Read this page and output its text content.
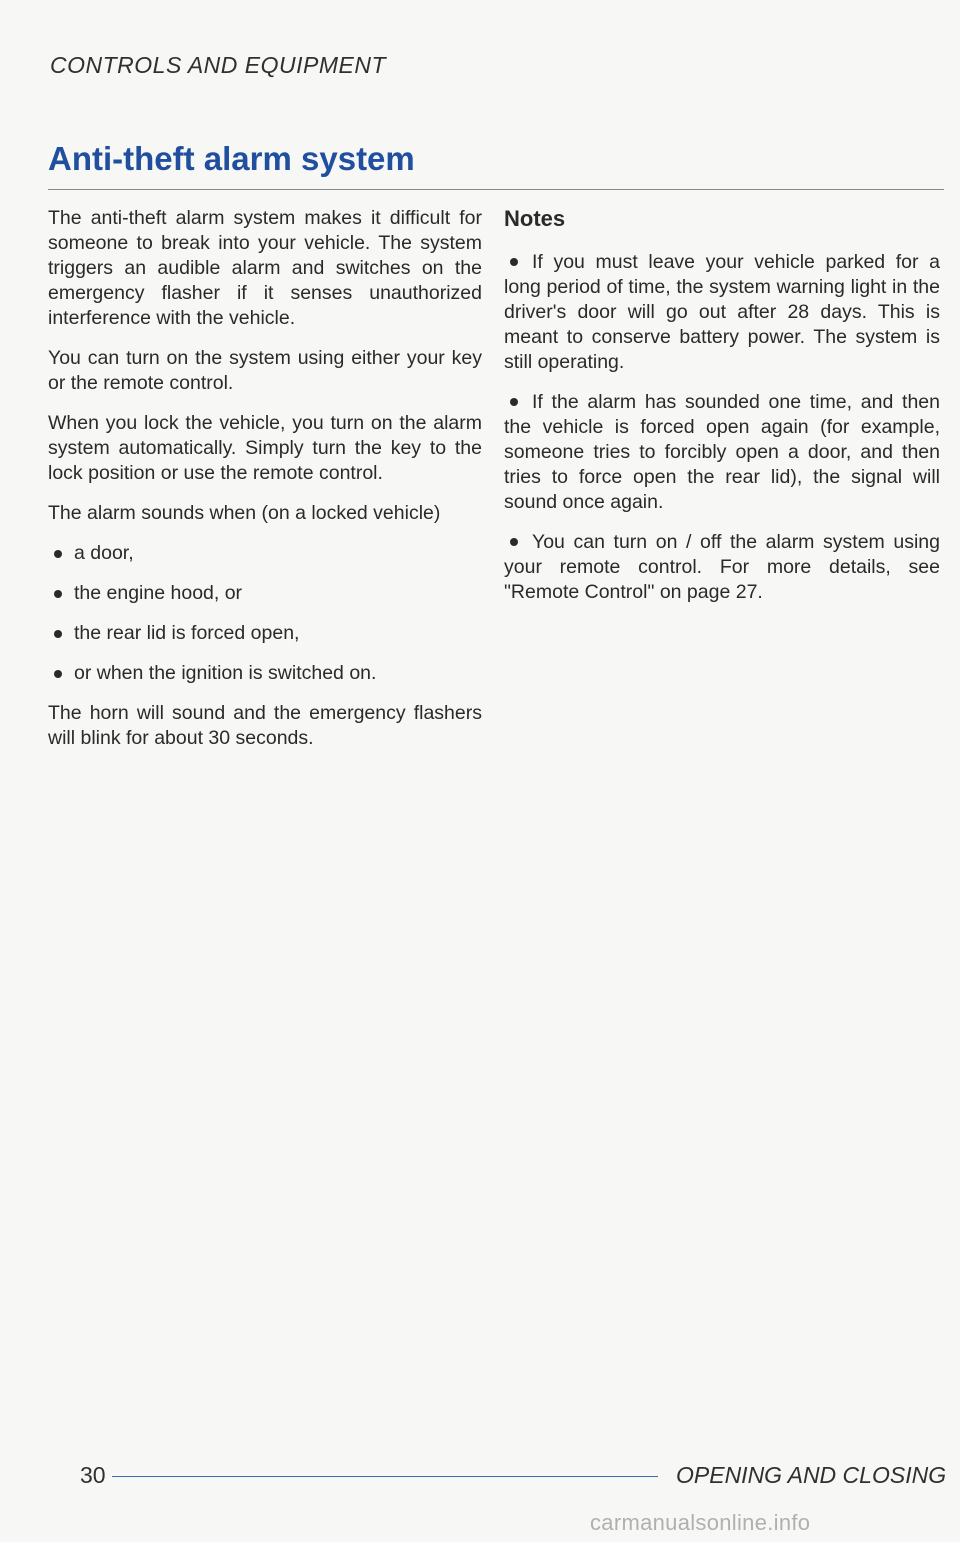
CONTROLS AND EQUIPMENT
Anti-theft alarm system

The anti-theft alarm system makes it difficult for someone to break into your vehicle. The system triggers an audible alarm and switches on the emergency flasher if it senses unauthorized interference with the vehicle.

You can turn on the system using either your key or the remote control.

When you lock the vehicle, you turn on the alarm system automatically. Simply turn the key to the lock position or use the remote control.

The alarm sounds when (on a locked vehicle)

a door,
the engine hood, or
the rear lid is forced open,
or when the ignition is switched on.

The horn will sound and the emergency flashers will blink for about 30 seconds.

Notes
If you must leave your vehicle parked for a long period of time, the system warning light in the driver's door will go out after 28 days. This is meant to conserve battery power. The system is still operating.
If the alarm has sounded one time, and then the vehicle is forced open again (for example, someone tries to forcibly open a door, and then tries to force open the rear lid), the signal will sound once again.
You can turn on / off the alarm system using your remote control. For more details, see "Remote Control" on page 27.
30	OPENING AND CLOSING
carmanualsonline.info
